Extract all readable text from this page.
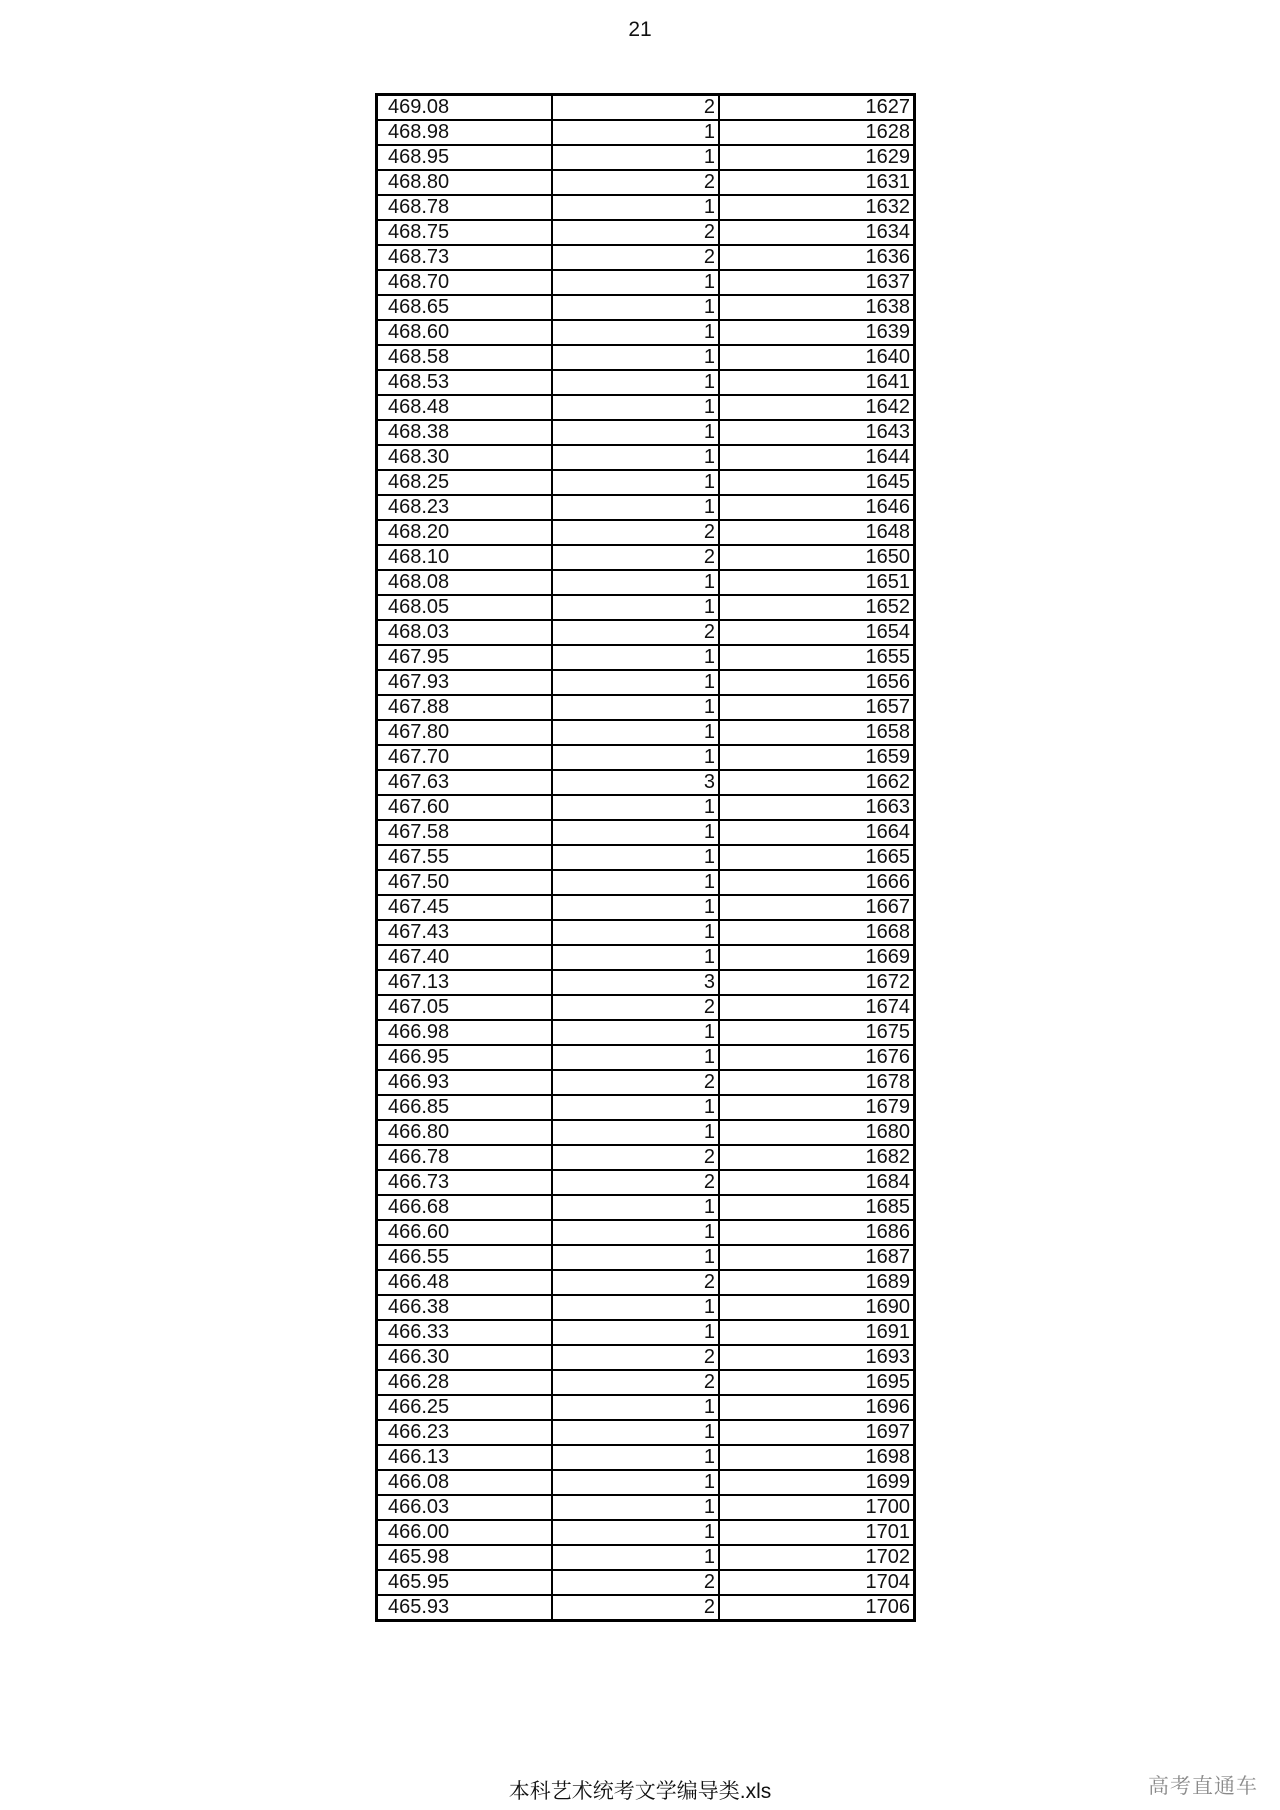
21
469.08	2	1627
468.98	1	1628
468.95	1	1629
468.80	2	1631
468.78	1	1632
468.75	2	1634
468.73	2	1636
468.70	1	1637
468.65	1	1638
468.60	1	1639
468.58	1	1640
468.53	1	1641
468.48	1	1642
468.38	1	1643
468.30	1	1644
468.25	1	1645
468.23	1	1646
468.20	2	1648
468.10	2	1650
468.08	1	1651
468.05	1	1652
468.03	2	1654
467.95	1	1655
467.93	1	1656
467.88	1	1657
467.80	1	1658
467.70	1	1659
467.63	3	1662
467.60	1	1663
467.58	1	1664
467.55	1	1665
467.50	1	1666
467.45	1	1667
467.43	1	1668
467.40	1	1669
467.13	3	1672
467.05	2	1674
466.98	1	1675
466.95	1	1676
466.93	2	1678
466.85	1	1679
466.80	1	1680
466.78	2	1682
466.73	2	1684
466.68	1	1685
466.60	1	1686
466.55	1	1687
466.48	2	1689
466.38	1	1690
466.33	1	1691
466.30	2	1693
466.28	2	1695
466.25	1	1696
466.23	1	1697
466.13	1	1698
466.08	1	1699
466.03	1	1700
466.00	1	1701
465.98	1	1702
465.95	2	1704
465.93	2	1706
本科艺术统考文学编导类.xls	高考直通车
